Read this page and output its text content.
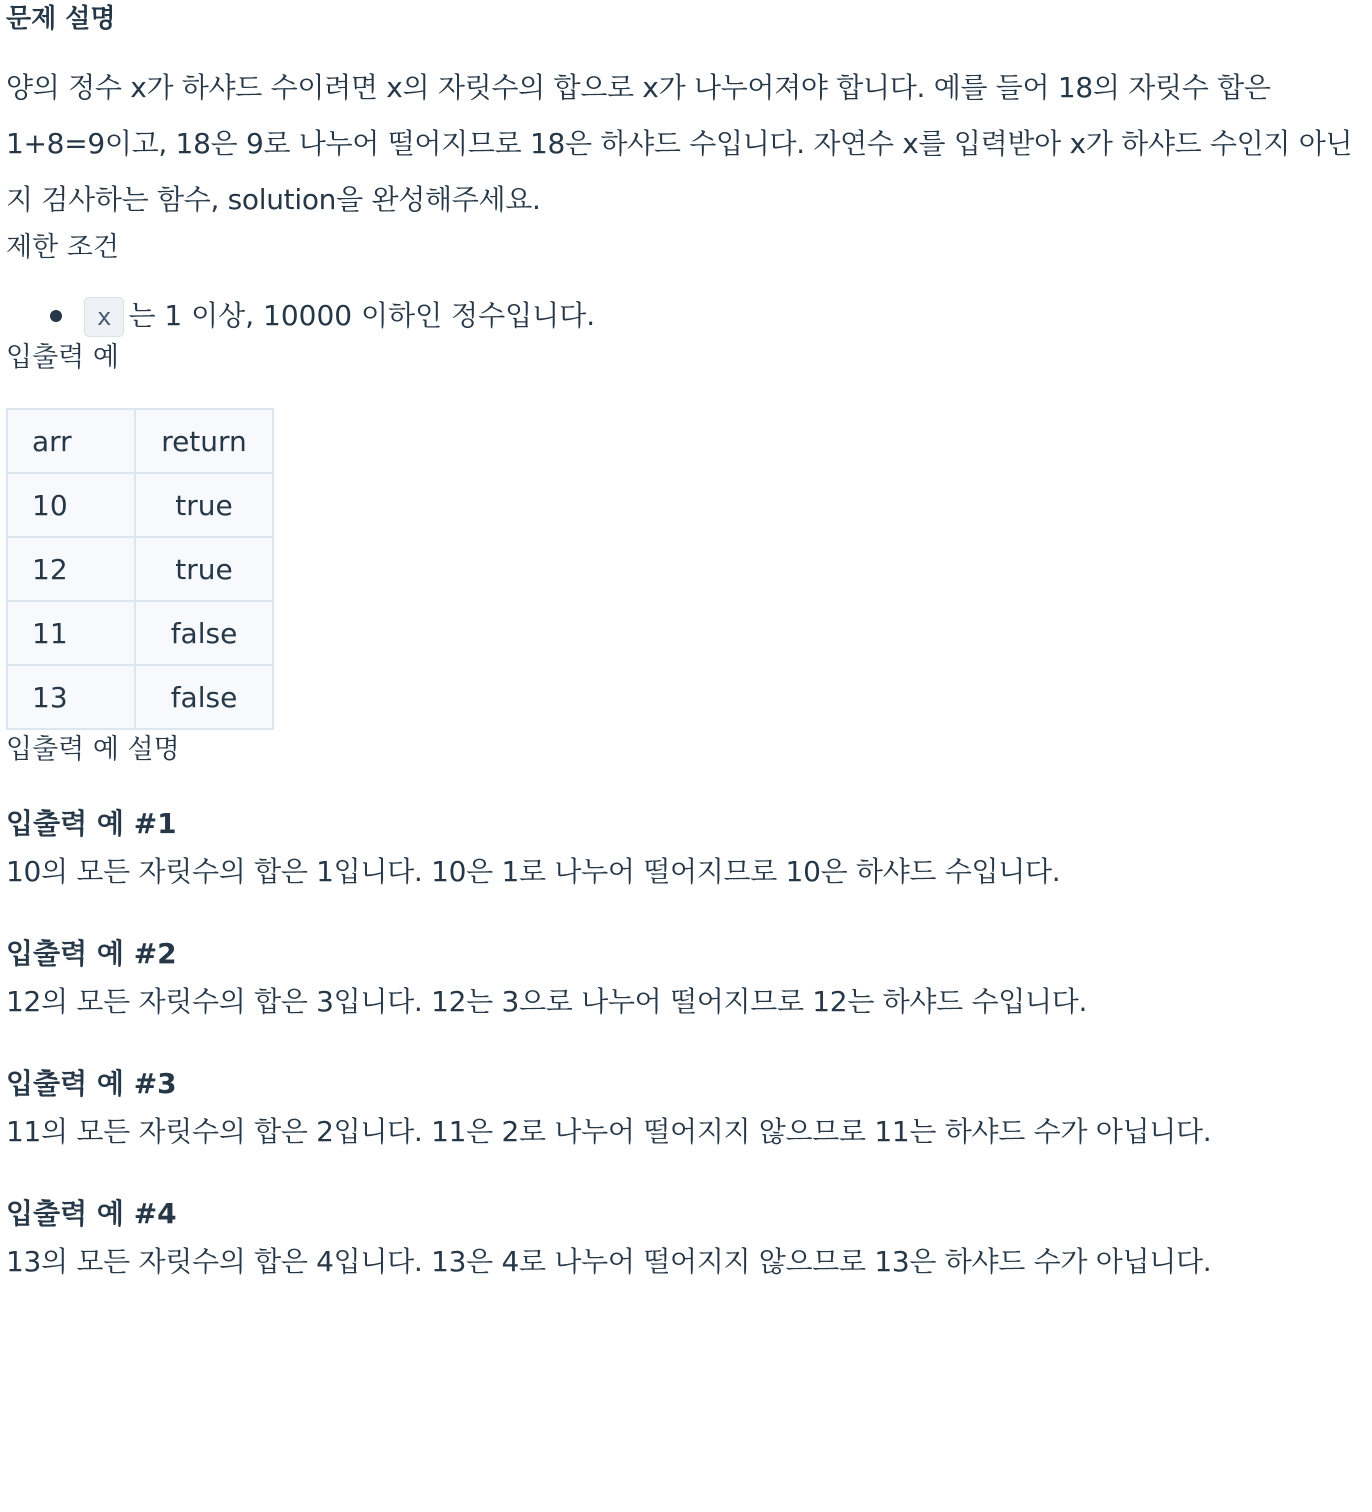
문제 설명

양의 정수 x가 하샤드 수이려면 x의 자릿수의 합으로 x가 나누어져야 합니다. 예를 들어 18의 자릿수 합은 1+8=9이고, 18은 9로 나누어 떨어지므로 18은 하샤드 수입니다. 자연수 x를 입력받아 x가 하샤드 수인지 아닌지 검사하는 함수, solution을 완성해주세요.

제한 조건
x 는 1 이상, 10000 이하인 정수입니다.
입출력 예
arr	return
10	true
12	true
11	false
13	false
입출력 예 설명

입출력 예 #1

10의 모든 자릿수의 합은 1입니다. 10은 1로 나누어 떨어지므로 10은 하샤드 수입니다.

입출력 예 #2

12의 모든 자릿수의 합은 3입니다. 12는 3으로 나누어 떨어지므로 12는 하샤드 수입니다.

입출력 예 #3

11의 모든 자릿수의 합은 2입니다. 11은 2로 나누어 떨어지지 않으므로 11는 하샤드 수가 아닙니다.

입출력 예 #4

13의 모든 자릿수의 합은 4입니다. 13은 4로 나누어 떨어지지 않으므로 13은 하샤드 수가 아닙니다.
